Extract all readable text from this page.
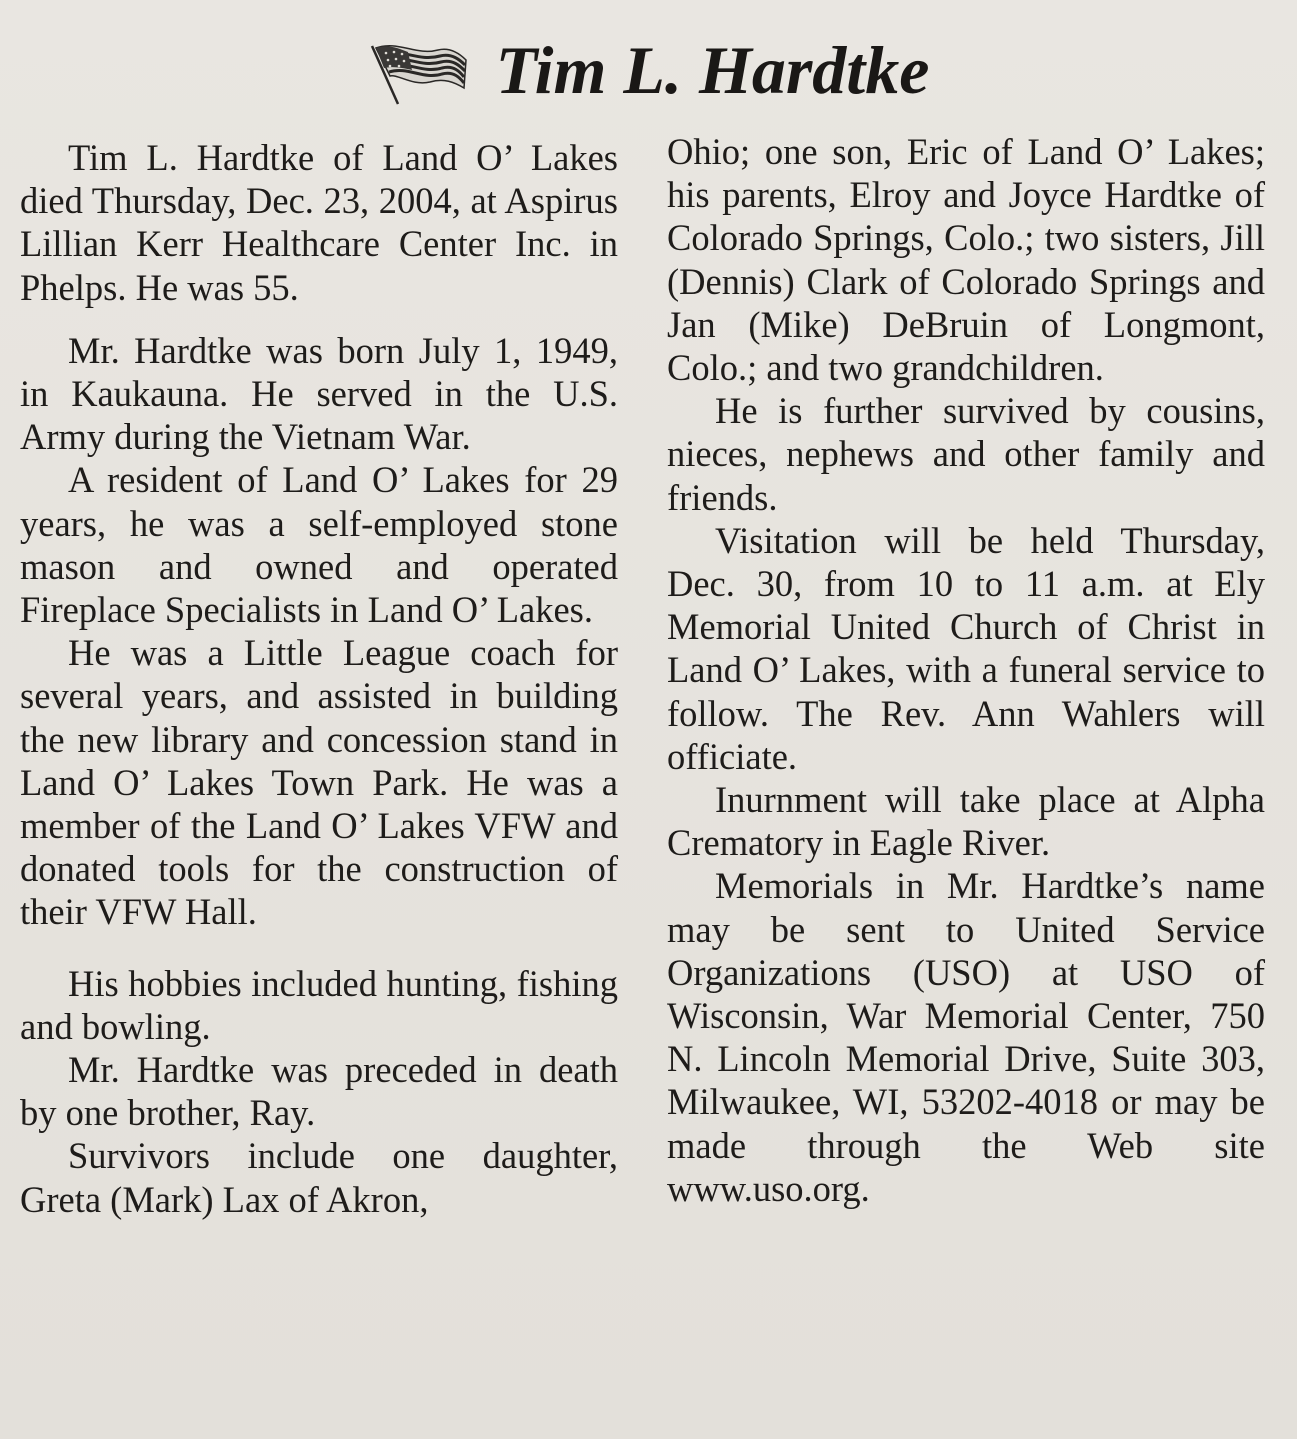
Tim L. Hardtke

Tim L. Hardtke of Land O’ Lakes died Thursday, Dec. 23, 2004, at Aspirus Lillian Kerr Healthcare Center Inc. in Phelps. He was 55.

Mr. Hardtke was born July 1, 1949, in Kaukauna. He served in the U.S. Army during the Vietnam War.

A resident of Land O’ Lakes for 29 years, he was a self-employed stone mason and owned and operated Fireplace Specialists in Land O’ Lakes.

He was a Little League coach for several years, and assisted in building the new library and concession stand in Land O’ Lakes Town Park. He was a member of the Land O’ Lakes VFW and donated tools for the construction of their VFW Hall.

His hobbies included hunting, fishing and bowling.

Mr. Hardtke was preceded in death by one brother, Ray.

Survivors include one daughter, Greta (Mark) Lax of Akron,

Ohio; one son, Eric of Land O’ Lakes; his parents, Elroy and Joyce Hardtke of Colorado Springs, Colo.; two sisters, Jill (Dennis) Clark of Colorado Springs and Jan (Mike) DeBruin of Longmont, Colo.; and two grandchildren.

He is further survived by cousins, nieces, nephews and other family and friends.

Visitation will be held Thursday, Dec. 30, from 10 to 11 a.m. at Ely Memorial United Church of Christ in Land O’ Lakes, with a funeral service to follow. The Rev. Ann Wahlers will officiate.

Inurnment will take place at Alpha Crematory in Eagle River.

Memorials in Mr. Hardtke’s name may be sent to United Service Organizations (USO) at USO of Wisconsin, War Memorial Center, 750 N. Lincoln Memorial Drive, Suite 303, Milwaukee, WI, 53202-4018 or may be made through the Web site www.uso.org.
